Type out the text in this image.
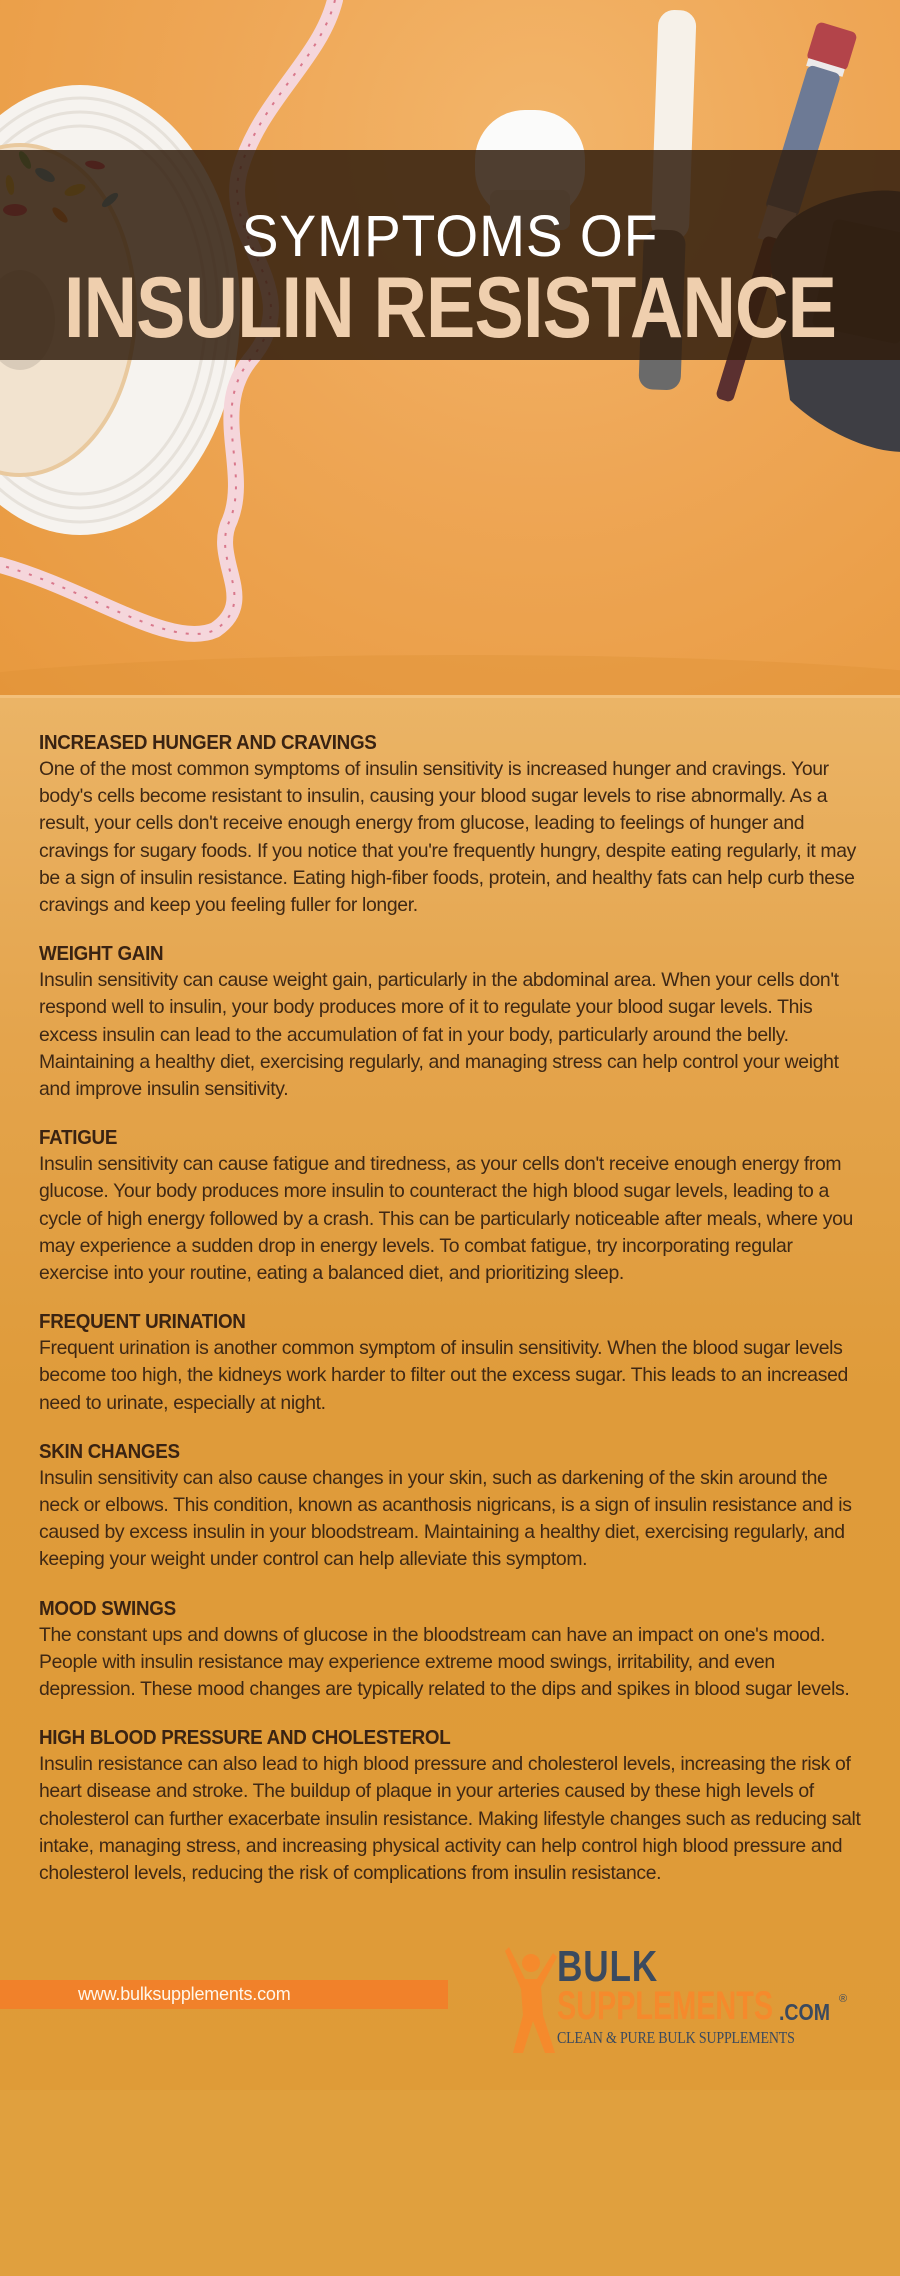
SYMPTOMS OF
INSULIN RESISTANCE
INCREASED HUNGER AND CRAVINGS

One of the most common symptoms of insulin sensitivity is increased hunger and cravings. Your body's cells become resistant to insulin, causing your blood sugar levels to rise abnormally. As a result, your cells don't receive enough energy from glucose, leading to feelings of hunger and cravings for sugary foods. If you notice that you're frequently hungry, despite eating regularly, it may be a sign of insulin resistance. Eating high-fiber foods, protein, and healthy fats can help curb these cravings and keep you feeling fuller for longer.

WEIGHT GAIN

Insulin sensitivity can cause weight gain, particularly in the abdominal area. When your cells don't respond well to insulin, your body produces more of it to regulate your blood sugar levels. This excess insulin can lead to the accumulation of fat in your body, particularly around the belly. Maintaining a healthy diet, exercising regularly, and managing stress can help control your weight and improve insulin sensitivity.

FATIGUE

Insulin sensitivity can cause fatigue and tiredness, as your cells don't receive enough energy from glucose. Your body produces more insulin to counteract the high blood sugar levels, leading to a cycle of high energy followed by a crash. This can be particularly noticeable after meals, where you may experience a sudden drop in energy levels. To combat fatigue, try incorporating regular exercise into your routine, eating a balanced diet, and prioritizing sleep.

FREQUENT URINATION

Frequent urination is another common symptom of insulin sensitivity. When the blood sugar levels become too high, the kidneys work harder to filter out the excess sugar. This leads to an increased need to urinate, especially at night.

SKIN CHANGES

Insulin sensitivity can also cause changes in your skin, such as darkening of the skin around the neck or elbows. This condition, known as acanthosis nigricans, is a sign of insulin resistance and is caused by excess insulin in your bloodstream. Maintaining a healthy diet, exercising regularly, and keeping your weight under control can help alleviate this symptom.

MOOD SWINGS

The constant ups and downs of glucose in the bloodstream can have an impact on one's mood. People with insulin resistance may experience extreme mood swings, irritability, and even depression. These mood changes are typically related to the dips and spikes in blood sugar levels.

HIGH BLOOD PRESSURE AND CHOLESTEROL

Insulin resistance can also lead to high blood pressure and cholesterol levels, increasing the risk of heart disease and stroke. The buildup of plaque in your arteries caused by these high levels of cholesterol can further exacerbate insulin resistance. Making lifestyle changes such as reducing salt intake, managing stress, and increasing physical activity can help control high blood pressure and cholesterol levels, reducing the risk of complications from insulin resistance.

www.bulksupplements.com
BULK
SUPPLEMENTS .COM ®
CLEAN & PURE BULK SUPPLEMENTS
